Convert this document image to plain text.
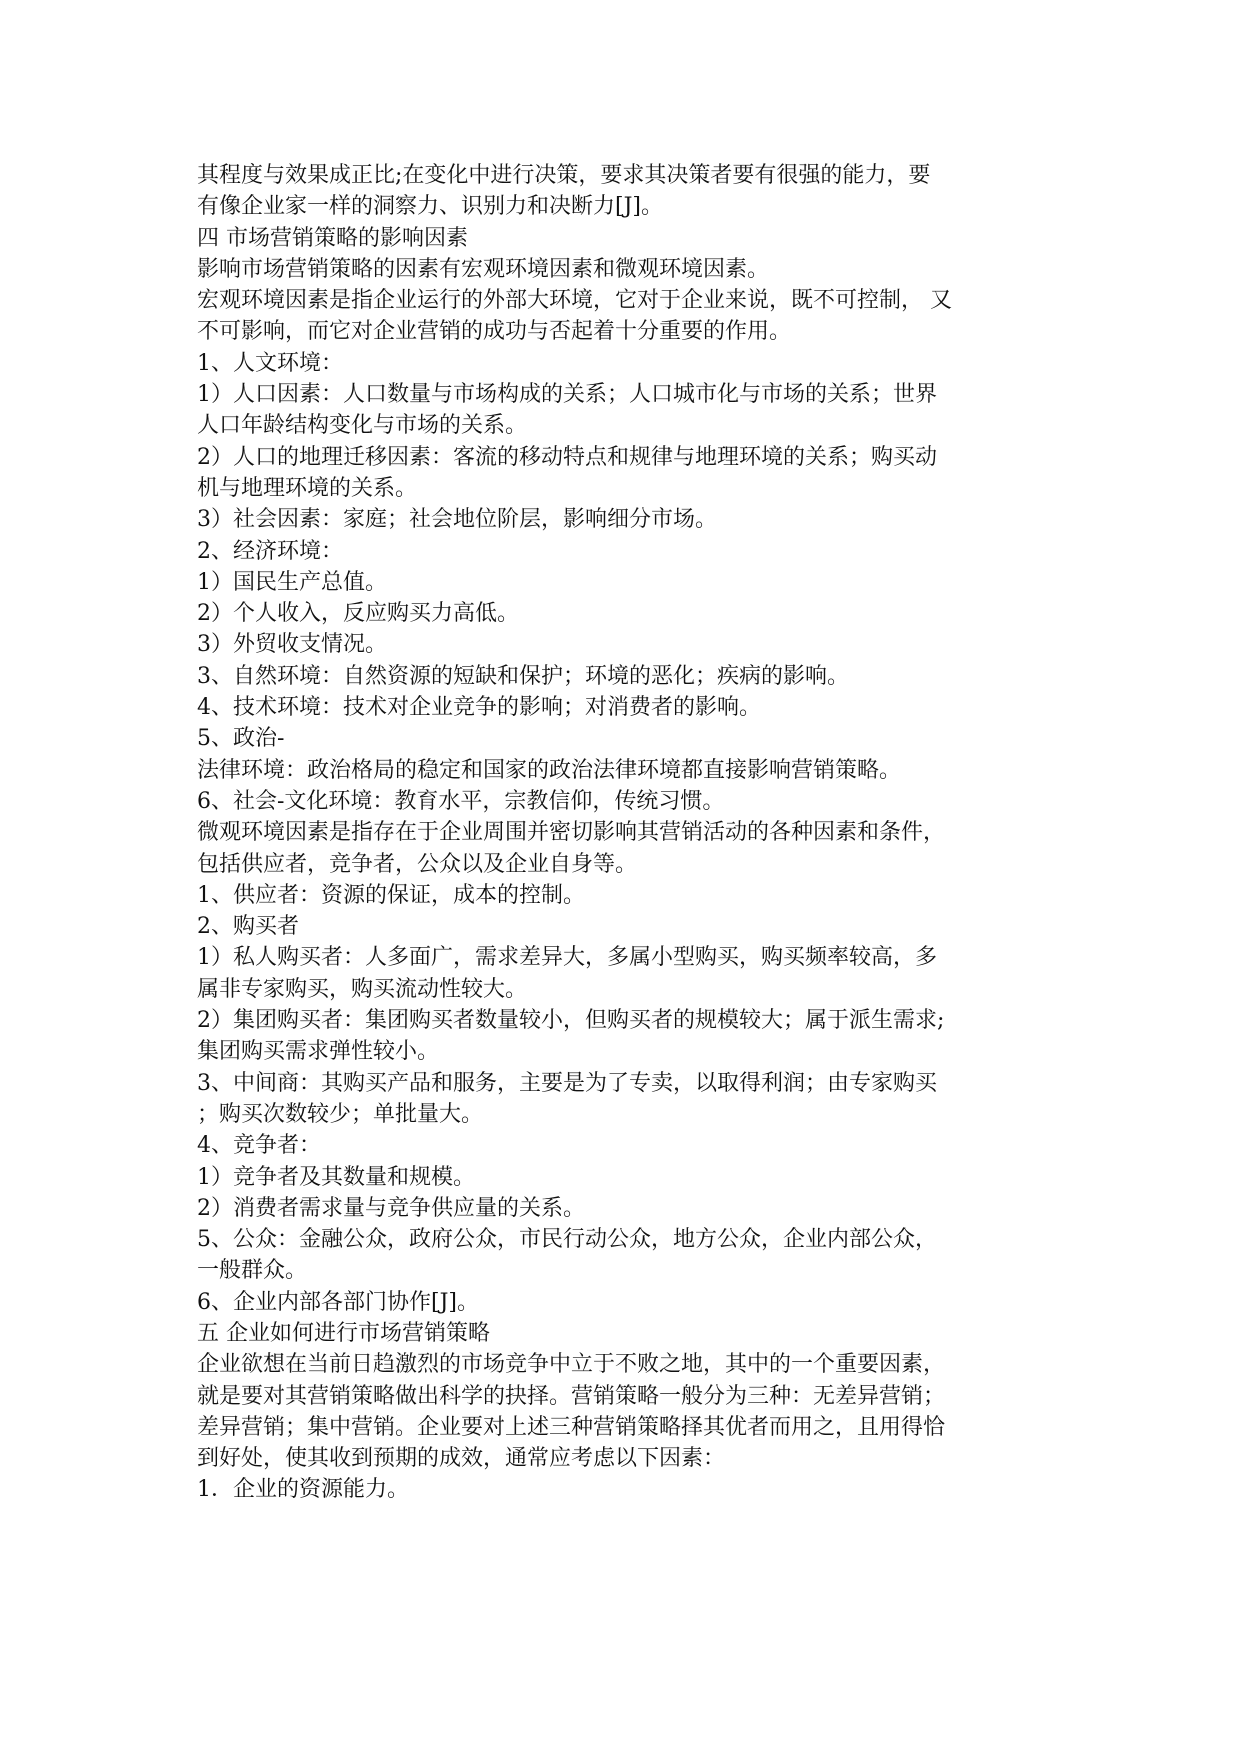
其程度与效果成正比;在变化中进行决策，要求其决策者要有很强的能力，要
有像企业家一样的洞察力、识别力和决断力[J]。
四 市场营销策略的影响因素
影响市场营销策略的因素有宏观环境因素和微观环境因素。
宏观环境因素是指企业运行的外部大环境，它对于企业来说，既不可控制， 又
不可影响，而它对企业营销的成功与否起着十分重要的作用。
1、人文环境：
1）人口因素：人口数量与市场构成的关系；人口城市化与市场的关系；世界
人口年龄结构变化与市场的关系。
2）人口的地理迁移因素：客流的移动特点和规律与地理环境的关系；购买动
机与地理环境的关系。
3）社会因素：家庭；社会地位阶层，影响细分市场。
2、经济环境：
1）国民生产总值。
2）个人收入，反应购买力高低。
3）外贸收支情况。
3、自然环境：自然资源的短缺和保护；环境的恶化；疾病的影响。
4、技术环境：技术对企业竞争的影响；对消费者的影响。
5、政治-
法律环境：政治格局的稳定和国家的政治法律环境都直接影响营销策略。
6、社会-文化环境：教育水平，宗教信仰，传统习惯。
微观环境因素是指存在于企业周围并密切影响其营销活动的各种因素和条件，
包括供应者，竞争者，公众以及企业自身等。
1、供应者：资源的保证，成本的控制。
2、购买者
1）私人购买者：人多面广，需求差异大，多属小型购买，购买频率较高，多
属非专家购买，购买流动性较大。
2）集团购买者：集团购买者数量较小，但购买者的规模较大；属于派生需求;
集团购买需求弹性较小。
3、中间商：其购买产品和服务，主要是为了专卖，以取得利润；由专家购买
；购买次数较少；单批量大。
4、竞争者：
1）竞争者及其数量和规模。
2）消费者需求量与竞争供应量的关系。
5、公众：金融公众，政府公众，市民行动公众，地方公众，企业内部公众，
一般群众。
6、企业内部各部门协作[J]。
五 企业如何进行市场营销策略
企业欲想在当前日趋激烈的市场竞争中立于不败之地，其中的一个重要因素，
就是要对其营销策略做出科学的抉择。营销策略一般分为三种：无差异营销；
差异营销；集中营销。企业要对上述三种营销策略择其优者而用之，且用得恰
到好处，使其收到预期的成效，通常应考虑以下因素：
1．企业的资源能力。
